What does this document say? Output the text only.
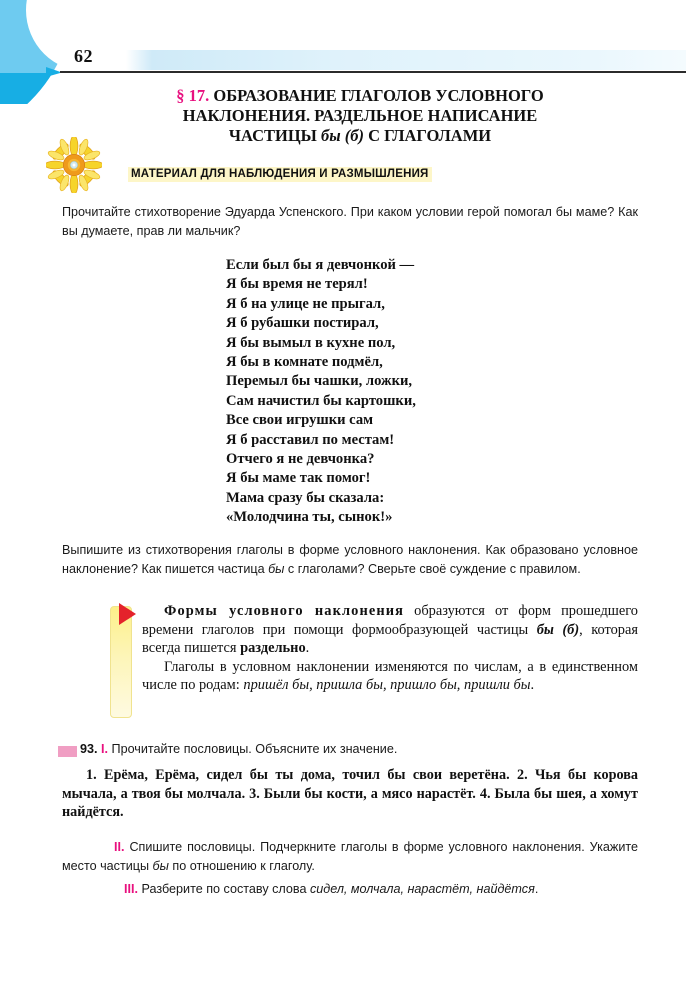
62
§ 17. ОБРАЗОВАНИЕ ГЛАГОЛОВ УСЛОВНОГО
НАКЛОНЕНИЯ. РАЗДЕЛЬНОЕ НАПИСАНИЕ
ЧАСТИЦЫ бы (б) С ГЛАГОЛАМИ
МАТЕРИАЛ ДЛЯ НАБЛЮДЕНИЯ И РАЗМЫШЛЕНИЯ
Прочитайте стихотворение Эдуарда Успенского. При каком условии герой помогал бы маме? Как вы думаете, прав ли мальчик?
Если был бы я девчонкой —
Я бы время не терял!
Я б на улице не прыгал,
Я б рубашки постирал,
Я бы вымыл в кухне пол,
Я бы в комнате подмёл,
Перемыл бы чашки, ложки,
Сам начистил бы картошки,
Все свои игрушки сам
Я б расставил по местам!
Отчего я не девчонка?
Я бы маме так помог!
Мама сразу бы сказала:
«Молодчина ты, сынок!»
Выпишите из стихотворения глаголы в форме условного наклонения. Как образовано условное наклонение? Как пишется частица бы с глаголами? Сверьте своё суждение с правилом.

Формы условного наклонения образуются от форм прошедшего времени глаголов при помощи формообразующей частицы бы (б), которая всегда пишется раздельно.

Глаголы в условном наклонении изменяются по числам, а в единственном числе по родам: пришёл бы, пришла бы, пришло бы, пришли бы.

93. I. Прочитайте пословицы. Объясните их значение.
1. Ерёма, Ерёма, сидел бы ты дома, точил бы свои веретёна. 2. Чья бы корова мычала, а твоя бы молчала. 3. Были бы кости, а мясо нарастёт. 4. Была бы шея, а хомут найдётся.
II. Спишите пословицы. Подчеркните глаголы в форме условного наклонения. Укажите место частицы бы по отношению к глаголу.
III. Разберите по составу слова сидел, молчала, нарастёт, найдётся.
